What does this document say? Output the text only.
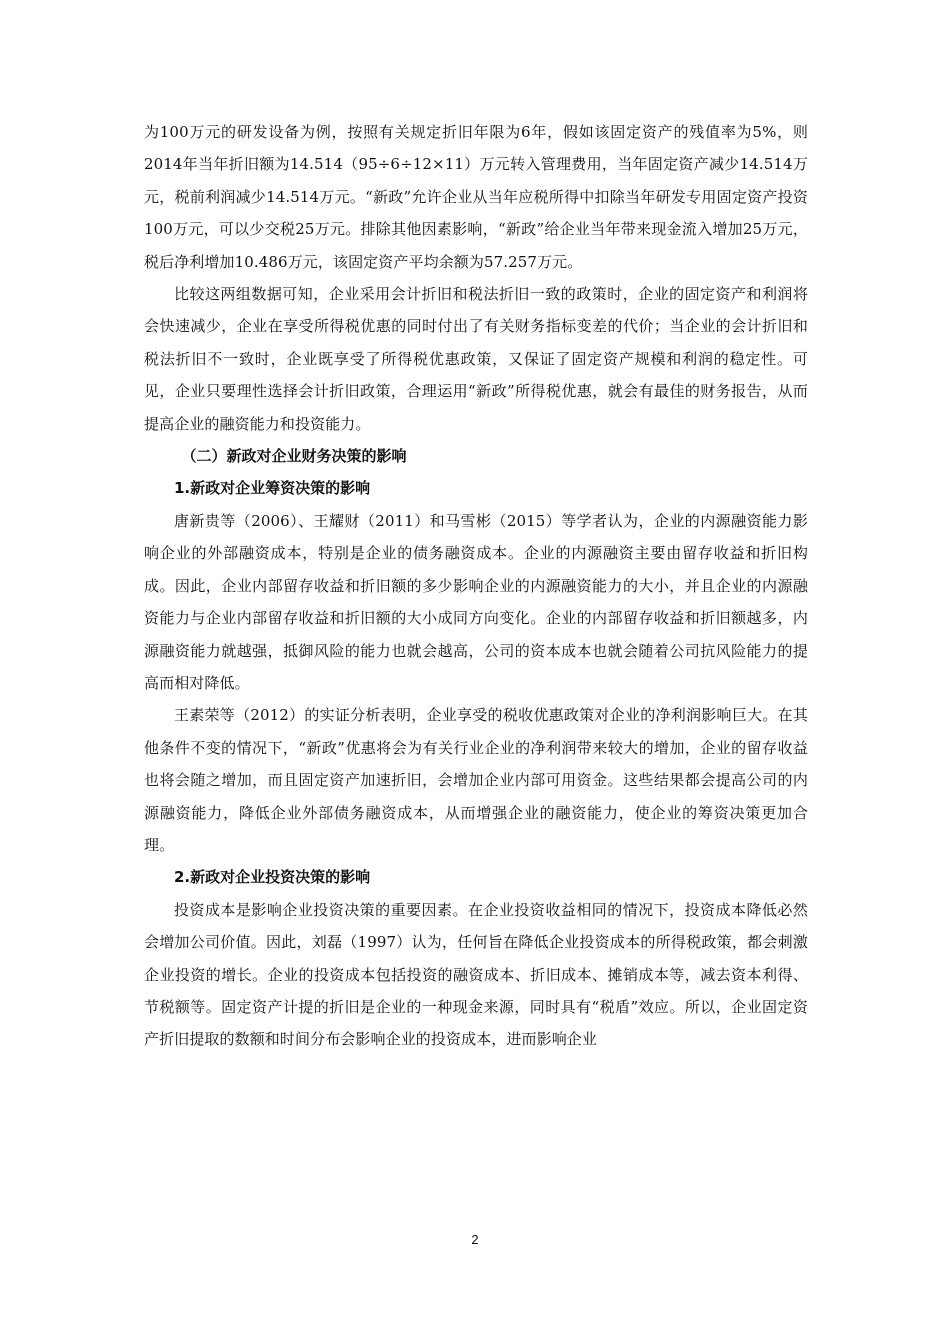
为100万元的研发设备为例，按照有关规定折旧年限为6年，假如该固定资产的残值率为5%，则2014年当年折旧额为14.514（95÷6÷12×11）万元转入管理费用，当年固定资产减少14.514万元，税前利润减少14.514万元。“新政”允许企业从当年应税所得中扣除当年研发专用固定资产投资100万元，可以少交税25万元。排除其他因素影响，“新政”给企业当年带来现金流入增加25万元，税后净利增加10.486万元，该固定资产平均余额为57.257万元。

比较这两组数据可知，企业采用会计折旧和税法折旧一致的政策时，企业的固定资产和利润将会快速减少，企业在享受所得税优惠的同时付出了有关财务指标变差的代价；当企业的会计折旧和税法折旧不一致时，企业既享受了所得税优惠政策，又保证了固定资产规模和利润的稳定性。可见，企业只要理性选择会计折旧政策，合理运用“新政”所得税优惠，就会有最佳的财务报告，从而提高企业的融资能力和投资能力。

（二）新政对企业财务决策的影响

1.新政对企业筹资决策的影响

唐新贵等（2006）、王耀财（2011）和马雪彬（2015）等学者认为，企业的内源融资能力影响企业的外部融资成本，特别是企业的债务融资成本。企业的内源融资主要由留存收益和折旧构成。因此，企业内部留存收益和折旧额的多少影响企业的内源融资能力的大小，并且企业的内源融资能力与企业内部留存收益和折旧额的大小成同方向变化。企业的内部留存收益和折旧额越多，内源融资能力就越强，抵御风险的能力也就会越高，公司的资本成本也就会随着公司抗风险能力的提高而相对降低。

王素荣等（2012）的实证分析表明，企业享受的税收优惠政策对企业的净利润影响巨大。在其他条件不变的情况下，“新政”优惠将会为有关行业企业的净利润带来较大的增加，企业的留存收益也将会随之增加，而且固定资产加速折旧，会增加企业内部可用资金。这些结果都会提高公司的内源融资能力，降低企业外部债务融资成本，从而增强企业的融资能力，使企业的筹资决策更加合理。

2.新政对企业投资决策的影响

投资成本是影响企业投资决策的重要因素。在企业投资收益相同的情况下，投资成本降低必然会增加公司价值。因此，刘磊（1997）认为，任何旨在降低企业投资成本的所得税政策，都会刺激企业投资的增长。企业的投资成本包括投资的融资成本、折旧成本、摊销成本等，减去资本利得、节税额等。固定资产计提的折旧是企业的一种现金来源，同时具有“税盾”效应。所以，企业固定资产折旧提取的数额和时间分布会影响企业的投资成本，进而影响企业

2
